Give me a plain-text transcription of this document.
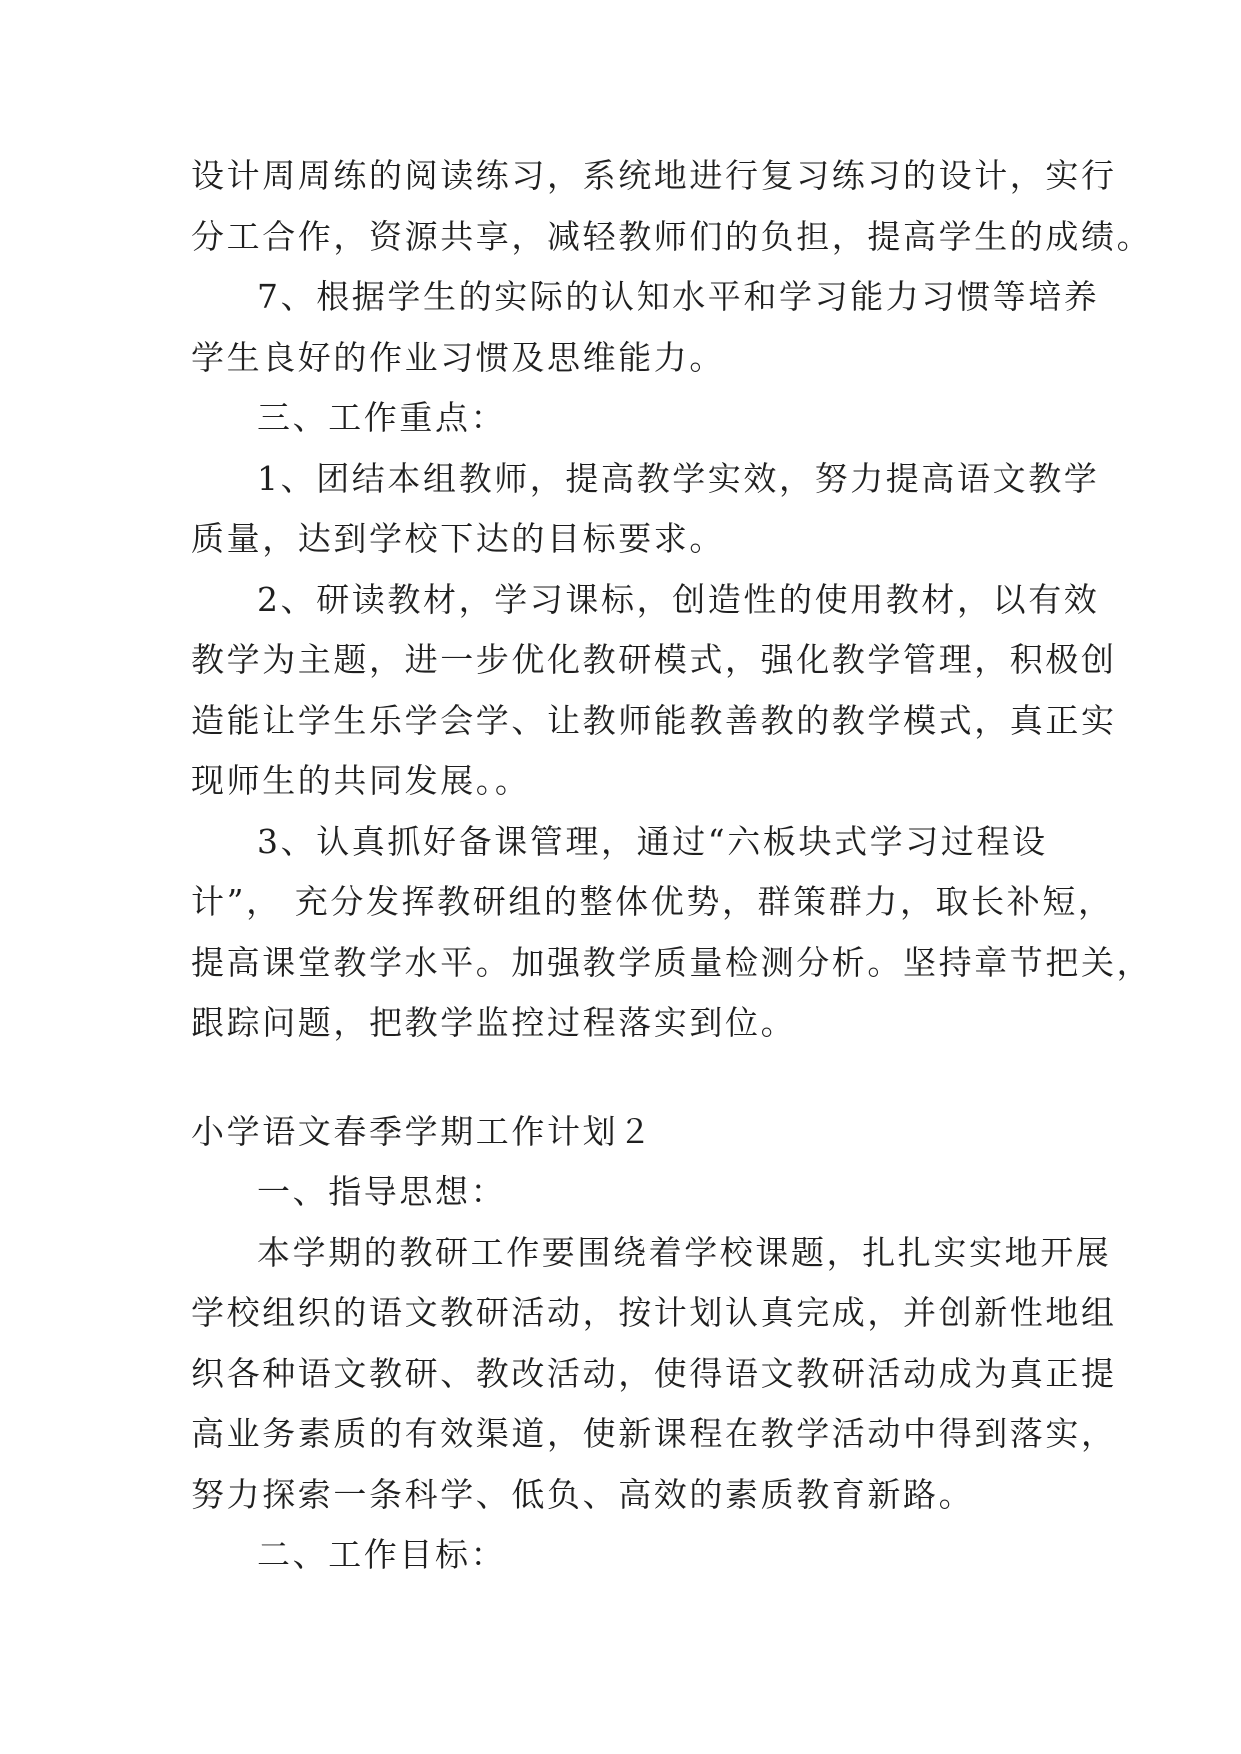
设计周周练的阅读练习，系统地进行复习练习的设计，实行
分工合作，资源共享，减轻教师们的负担，提高学生的成绩。
7、根据学生的实际的认知水平和学习能力习惯等培养
学生良好的作业习惯及思维能力。
三、工作重点：
1、团结本组教师，提高教学实效，努力提高语文教学
质量，达到学校下达的目标要求。
2、研读教材，学习课标，创造性的使用教材，以有效
教学为主题，进一步优化教研模式，强化教学管理，积极创
造能让学生乐学会学、让教师能教善教的教学模式，真正实
现师生的共同发展。。
3、认真抓好备课管理，通过“六板块式学习过程设
计”， 充分发挥教研组的整体优势，群策群力，取长补短，
提高课堂教学水平。加强教学质量检测分析。坚持章节把关，
跟踪问题，把教学监控过程落实到位。
小学语文春季学期工作计划２
一、指导思想：
本学期的教研工作要围绕着学校课题，扎扎实实地开展
学校组织的语文教研活动，按计划认真完成，并创新性地组
织各种语文教研、教改活动，使得语文教研活动成为真正提
高业务素质的有效渠道，使新课程在教学活动中得到落实，
努力探索一条科学、低负、高效的素质教育新路。
二、工作目标：
